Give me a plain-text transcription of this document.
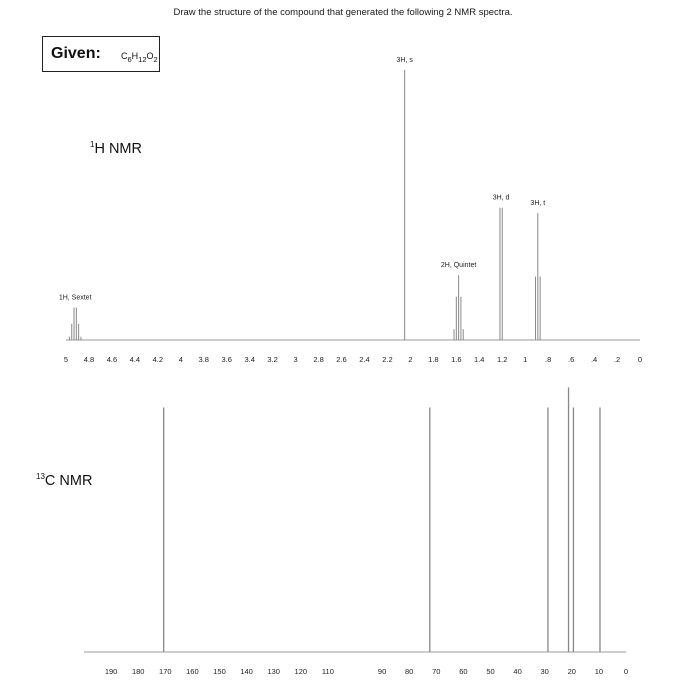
Draw the structure of the compound that generated the following 2 NMR spectra.
Given: $C_6H_{12}O_2$
$^1$H NMR
$^{13}$C NMR
1H, Sextet
3H, s
2H, Quintet
3H, d
3H, t
5 4.8 4.6 4.4 4.2 4 3.8 3.6 3.4 3.2 3 2.8 2.6 2.4 2.2 2 1.8 1.6 1.4 1.2 1 .8 .6 .4 .2 0
190 180 170 160 150 140 130 120 110	90	80	70	60	50	40	30	20	10	0
